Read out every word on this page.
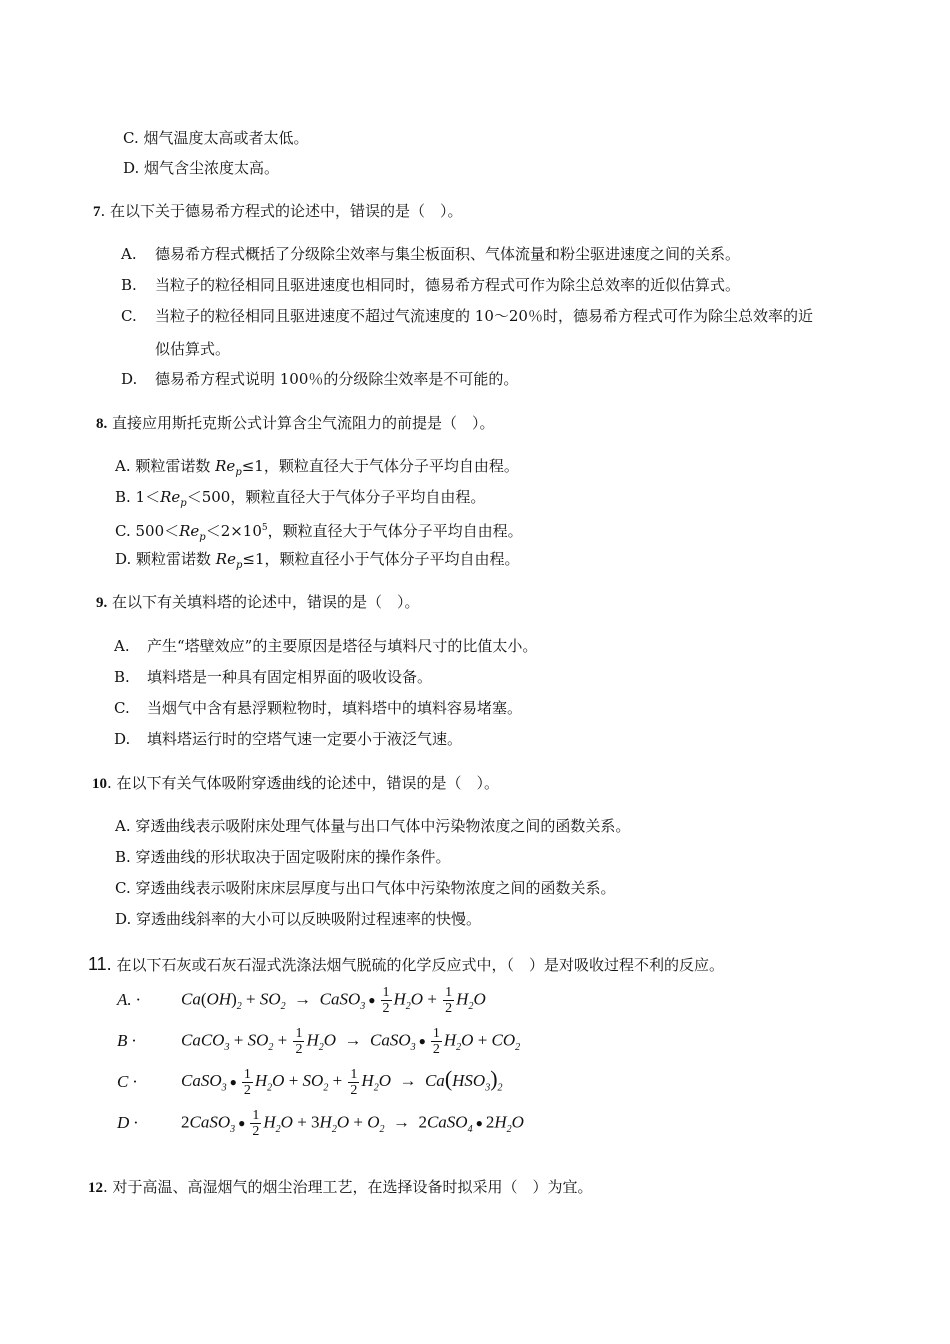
C. 烟气温度太高或者太低。
D. 烟气含尘浓度太高。
7. 在以下关于德易希方程式的论述中，错误的是（　）。
A. 德易希方程式概括了分级除尘效率与集尘板面积、气体流量和粉尘驱进速度之间的关系。
B. 当粒子的粒径相同且驱进速度也相同时，德易希方程式可作为除尘总效率的近似估算式。
C. 当粒子的粒径相同且驱进速度不超过气流速度的 10～20％时，德易希方程式可作为除尘总效率的近
似估算式。
D. 德易希方程式说明 100％的分级除尘效率是不可能的。
8. 直接应用斯托克斯公式计算含尘气流阻力的前提是（　）。
A. 颗粒雷诺数 $Re_p\le 1$，颗粒直径大于气体分子平均自由程。
B. $1<Re_p<500$，颗粒直径大于气体分子平均自由程。
C. $500<Re_p<2\times 10^5$，颗粒直径大于气体分子平均自由程。
D. 颗粒雷诺数 $Re_p\le 1$，颗粒直径小于气体分子平均自由程。
9. 在以下有关填料塔的论述中，错误的是（　）。
A. 产生“塔壁效应”的主要原因是塔径与填料尺寸的比值太小。
B. 填料塔是一种具有固定相界面的吸收设备。
C. 当烟气中含有悬浮颗粒物时，填料塔中的填料容易堵塞。
D. 填料塔运行时的空塔气速一定要小于液泛气速。
10. 在以下有关气体吸附穿透曲线的论述中，错误的是（　）。
A. 穿透曲线表示吸附床处理气体量与出口气体中污染物浓度之间的函数关系。
B. 穿透曲线的形状取决于固定吸附床的操作条件。
C. 穿透曲线表示吸附床床层厚度与出口气体中污染物浓度之间的函数关系。
D. 穿透曲线斜率的大小可以反映吸附过程速率的快慢。
11. 在以下石灰或石灰石湿式洗涤法烟气脱硫的化学反应式中，（　）是对吸收过程不利的反应。
A. ·	$Ca(OH)_2 + SO_2$  →  CaSO$_3$ ● $\frac{1}{2} H_2O + \frac{1}{2} H_2O$
B ·	CaCO$_3$ + $SO_2 + \frac{1}{2} H_2O$  →  CaSO$_3$ ● $\frac{1}{2} H_2O + CO_2$
C ·	CaSO$_3$ ● $\frac{1}{2} H_2O + SO_2 + \frac{1}{2} H_2O \to Ca(HSO_3)_2$
D ·	2CaSO$_3$ ● $\frac{1}{2} H_2O + 3H_2O + O_2$  →  2CaSO$_4$ ● $2H_2O$
12. 对于高温、高湿烟气的烟尘治理工艺，在选择设备时拟采用（　）为宜。
